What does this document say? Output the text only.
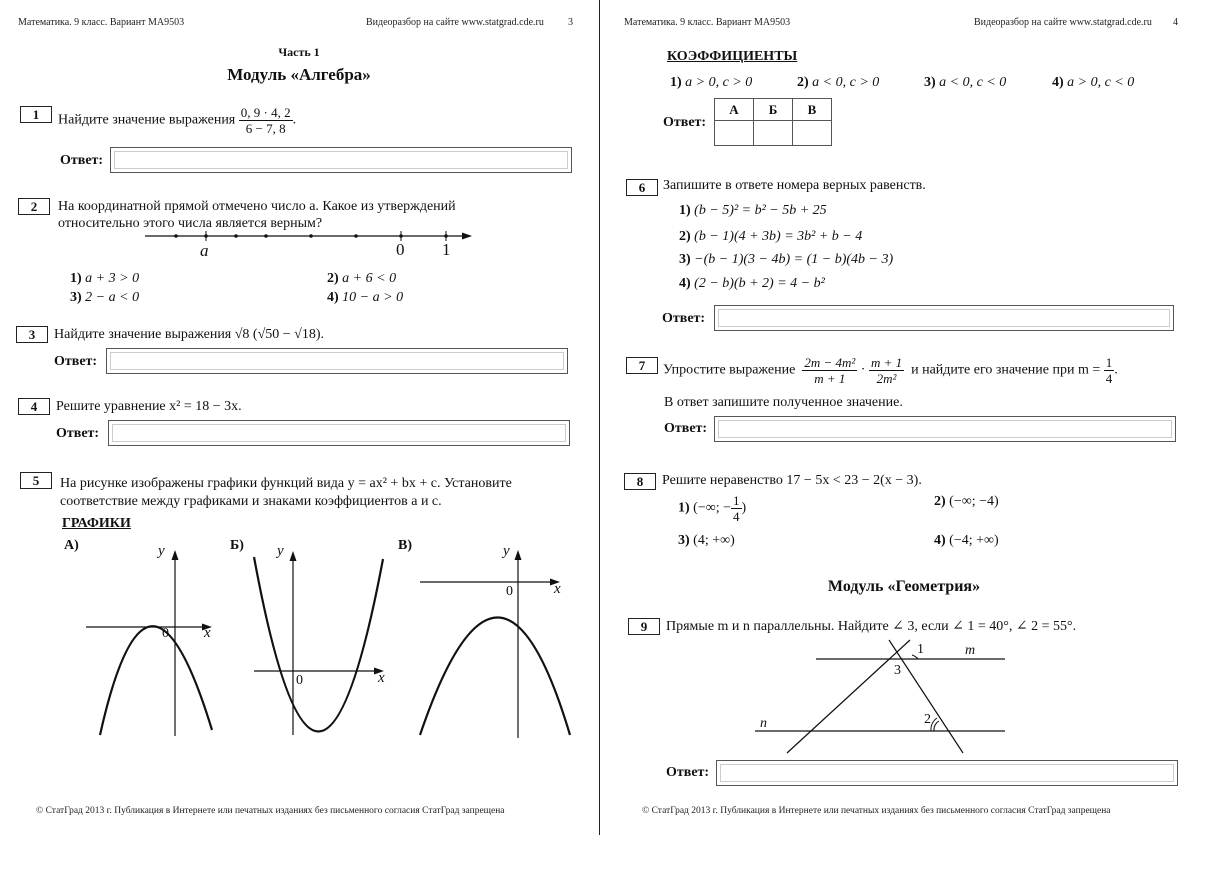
Математика. 9 класс. Вариант МА9503	Видеоразбор на сайте www.statgrad.cde.ru 3
Часть 1
Модуль «Алгебра»
1	Найдите значение выражения $\frac{0, 9 \cdot 4, 2}{6 - 7, 8}$ .
Ответ:
2	На координатной прямой отмечено число a. Какое из утверждений
относительно этого числа является верным?
a	0 1
1) a + 3 > 0	2) a + 6 < 0
3) 2 − a < 0	4) 10 − a > 0
3	Найдите значение выражения √8 (√50 − √18).
Ответ:
4	Решите уравнение x² = 18 − 3x.
Ответ:
5	На рисунке изображены графики функций вида y = ax² + bx + c. Установите
соответствие между графиками и знаками коэффициентов a и c.
ГРАФИКИ
А)	Б)	В)
y
x
0
y
x
0
y
x
0
© СтатГрад 2013 г. Публикация в Интернете или печатных изданиях без письменного согласия СтатГрад запрещена
Математика. 9 класс. Вариант МА9503	Видеоразбор на сайте www.statgrad.cde.ru 4
КОЭФФИЦИЕНТЫ
1) a > 0, c > 0	2) a < 0, c > 0	3) a < 0, c < 0	4) a > 0, c < 0
Ответ:
А	Б	В

6	Запишите в ответе номера верных равенств.
1) (b − 5)² = b² − 5b + 25
2) (b − 1)(4 + 3b) = 3b² + b − 4
3) −(b − 1)(3 − 4b) = (1 − b)(4b − 3)
4) (2 − b)(b + 2) = 4 − b²
Ответ:
7	Упростите выражение $\frac{\text{2m − 4m²}}{m + 1} \cdot \frac{m + 1}{\text{2m²}}$ и найдите его значение при $m = \frac{1}{4}$ .
В ответ запишите полученное значение.
Ответ:
8	Решите неравенство 17 − 5x < 23 − 2(x − 3).
1) (−∞; − $\frac{1}{4}$ )	2) (−∞; −4)
3) (4; +∞)	4) (−4; +∞)
Модуль «Геометрия»
9	Прямые m и n параллельны. Найдите ∠ 3, если ∠ 1 = 40°, ∠ 2 = 55°.
m
n
1
3
2
Ответ:
© СтатГрад 2013 г. Публикация в Интернете или печатных изданиях без письменного согласия СтатГрад запрещена
